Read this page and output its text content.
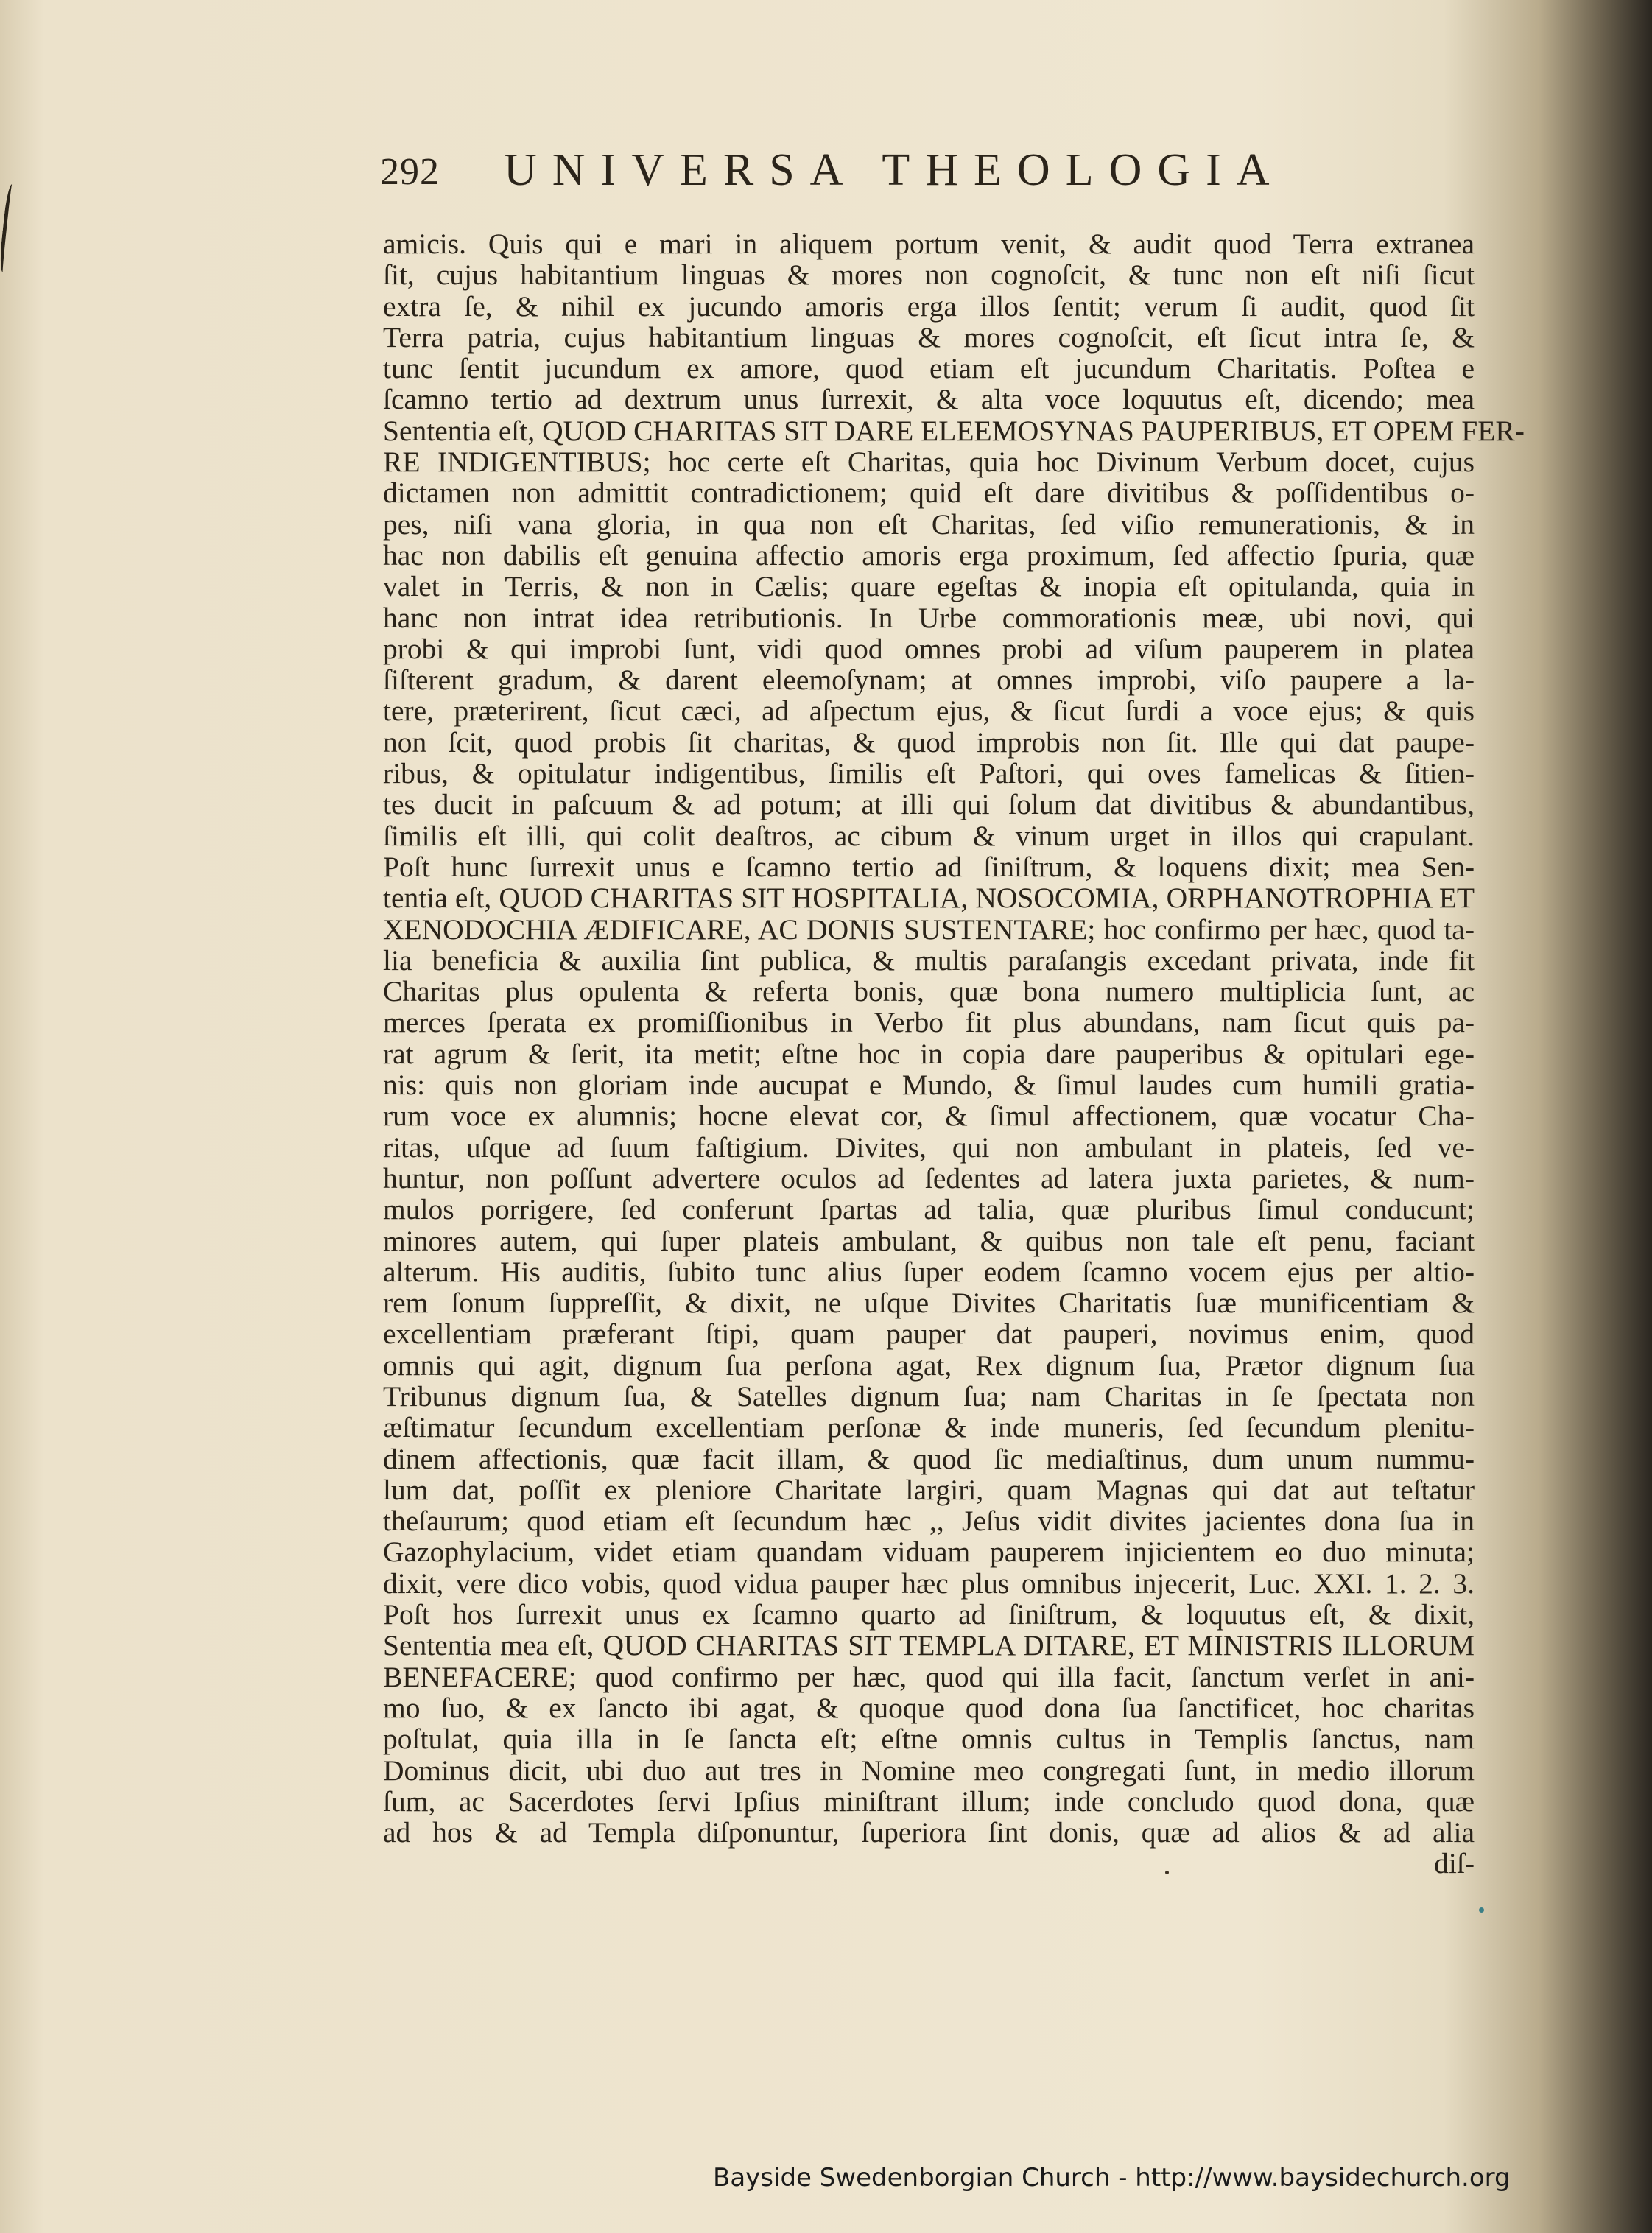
292 UNIVERSA THEOLOGIA
amicis. Quis qui e mari in aliquem portum venit, & audit quod Terra extranea
ſit, cujus habitantium linguas & mores non cognoſcit, & tunc non eſt niſi ſicut
extra ſe, & nihil ex jucundo amoris erga illos ſentit; verum ſi audit, quod ſit
Terra patria, cujus habitantium linguas & mores cognoſcit, eſt ſicut intra ſe, &
tunc ſentit jucundum ex amore, quod etiam eſt jucundum Charitatis. Poſtea e
ſcamno tertio ad dextrum unus ſurrexit, & alta voce loquutus eſt, dicendo; mea
Sententia eſt, QUOD CHARITAS SIT DARE ELEEMOSYNAS PAUPERIBUS, ET OPEM FER-
RE INDIGENTIBUS; hoc certe eſt Charitas, quia hoc Divinum Verbum docet, cujus
dictamen non admittit contradictionem; quid eſt dare divitibus & poſſidentibus o-
pes, niſi vana gloria, in qua non eſt Charitas, ſed viſio remunerationis, & in
hac non dabilis eſt genuina affectio amoris erga proximum, ſed affectio ſpuria, quæ
valet in Terris, & non in Cælis; quare egeſtas & inopia eſt opitulanda, quia in
hanc non intrat idea retributionis. In Urbe commorationis meæ, ubi novi, qui
probi & qui improbi ſunt, vidi quod omnes probi ad viſum pauperem in platea
ſiſterent gradum, & darent eleemoſynam; at omnes improbi, viſo paupere a la-
tere, præterirent, ſicut cæci, ad aſpectum ejus, & ſicut ſurdi a voce ejus; & quis
non ſcit, quod probis ſit charitas, & quod improbis non ſit. Ille qui dat paupe-
ribus, & opitulatur indigentibus, ſimilis eſt Paſtori, qui oves famelicas & ſitien-
tes ducit in paſcuum & ad potum; at illi qui ſolum dat divitibus & abundantibus,
ſimilis eſt illi, qui colit deaſtros, ac cibum & vinum urget in illos qui crapulant.
Poſt hunc ſurrexit unus e ſcamno tertio ad ſiniſtrum, & loquens dixit; mea Sen-
tentia eſt, QUOD CHARITAS SIT HOSPITALIA, NOSOCOMIA, ORPHANOTROPHIA ET
XENODOCHIA ÆDIFICARE, AC DONIS SUSTENTARE; hoc confirmo per hæc, quod ta-
lia beneficia & auxilia ſint publica, & multis paraſangis excedant privata, inde fit
Charitas plus opulenta & referta bonis, quæ bona numero multiplicia ſunt, ac
merces ſperata ex promiſſionibus in Verbo fit plus abundans, nam ſicut quis pa-
rat agrum & ſerit, ita metit; eſtne hoc in copia dare pauperibus & opitulari ege-
nis: quis non gloriam inde aucupat e Mundo, & ſimul laudes cum humili gratia-
rum voce ex alumnis; hocne elevat cor, & ſimul affectionem, quæ vocatur Cha-
ritas, uſque ad ſuum faſtigium. Divites, qui non ambulant in plateis, ſed ve-
huntur, non poſſunt advertere oculos ad ſedentes ad latera juxta parietes, & num-
mulos porrigere, ſed conferunt ſpartas ad talia, quæ pluribus ſimul conducunt;
minores autem, qui ſuper plateis ambulant, & quibus non tale eſt penu, faciant
alterum. His auditis, ſubito tunc alius ſuper eodem ſcamno vocem ejus per altio-
rem ſonum ſuppreſſit, & dixit, ne uſque Divites Charitatis ſuæ munificentiam &
excellentiam præferant ſtipi, quam pauper dat pauperi, novimus enim, quod
omnis qui agit, dignum ſua perſona agat, Rex dignum ſua, Prætor dignum ſua
Tribunus dignum ſua, & Satelles dignum ſua; nam Charitas in ſe ſpectata non
æſtimatur ſecundum excellentiam perſonæ & inde muneris, ſed ſecundum plenitu-
dinem affectionis, quæ facit illam, & quod ſic mediaſtinus, dum unum nummu-
lum dat, poſſit ex pleniore Charitate largiri, quam Magnas qui dat aut teſtatur
theſaurum; quod etiam eſt ſecundum hæc ,, Jeſus vidit divites jacientes dona ſua in
Gazophylacium, videt etiam quandam viduam pauperem injicientem eo duo minuta;
dixit, vere dico vobis, quod vidua pauper hæc plus omnibus injecerit, Luc. XXI. 1. 2. 3.
Poſt hos ſurrexit unus ex ſcamno quarto ad ſiniſtrum, & loquutus eſt, & dixit,
Sententia mea eſt, QUOD CHARITAS SIT TEMPLA DITARE, ET MINISTRIS ILLORUM
BENEFACERE; quod confirmo per hæc, quod qui illa facit, ſanctum verſet in ani-
mo ſuo, & ex ſancto ibi agat, & quoque quod dona ſua ſanctificet, hoc charitas
poſtulat, quia illa in ſe ſancta eſt; eſtne omnis cultus in Templis ſanctus, nam
Dominus dicit, ubi duo aut tres in Nomine meo congregati ſunt, in medio illorum
ſum, ac Sacerdotes ſervi Ipſius miniſtrant illum; inde concludo quod dona, quæ
ad hos & ad Templa diſponuntur, ſuperiora ſint donis, quæ ad alios & ad alia
diſ-
Bayside Swedenborgian Church - http://www.baysidechurch.org
